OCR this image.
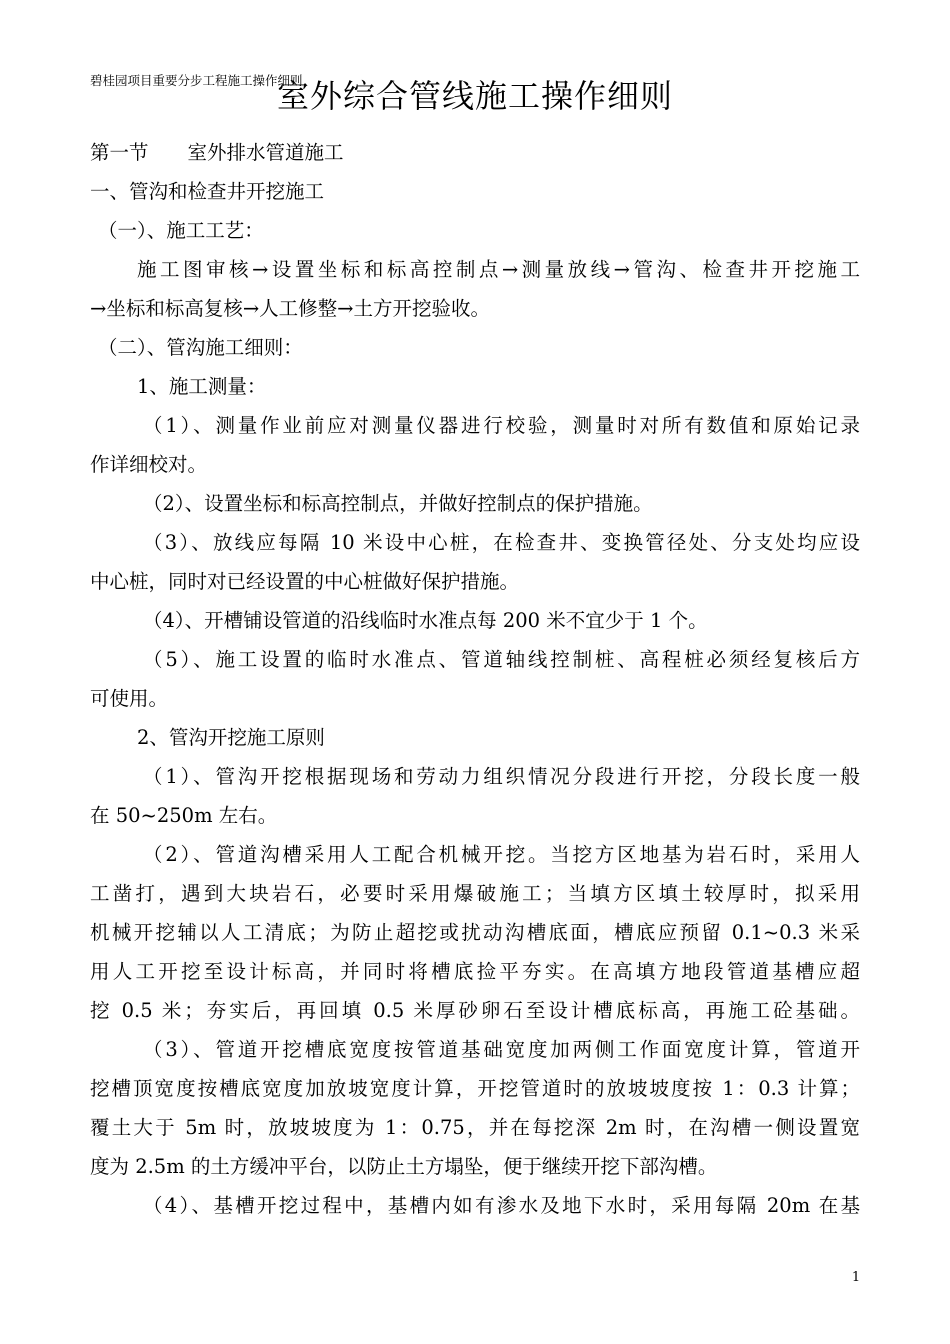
碧桂园项目重要分步工程施工操作细则
室外综合管线施工操作细则
第一节　　室外排水管道施工
一、管沟和检查井开挖施工
（一）、施工工艺：
施工图审核→设置坐标和标高控制点→测量放线→管沟、检查井开挖施工
→坐标和标高复核→人工修整→土方开挖验收。
（二）、管沟施工细则：
1、施工测量：
（1）、测量作业前应对测量仪器进行校验，测量时对所有数值和原始记录
作详细校对。
（2）、设置坐标和标高控制点，并做好控制点的保护措施。
（3）、放线应每隔 10 米设中心桩，在检查井、变换管径处、分支处均应设
中心桩，同时对已经设置的中心桩做好保护措施。
（4）、开槽铺设管道的沿线临时水准点每 200 米不宜少于 1 个。
（5）、施工设置的临时水准点、管道轴线控制桩、高程桩必须经复核后方
可使用。
2、管沟开挖施工原则
（1）、管沟开挖根据现场和劳动力组织情况分段进行开挖，分段长度一般
在 50~250m 左右。
（2）、管道沟槽采用人工配合机械开挖。当挖方区地基为岩石时，采用人
工凿打，遇到大块岩石，必要时采用爆破施工；当填方区填土较厚时，拟采用
机械开挖辅以人工清底；为防止超挖或扰动沟槽底面，槽底应预留 0.1~0.3 米采
用人工开挖至设计标高，并同时将槽底捡平夯实。在高填方地段管道基槽应超
挖 0.5 米；夯实后，再回填 0.5 米厚砂卵石至设计槽底标高，再施工砼基础。
（3）、管道开挖槽底宽度按管道基础宽度加两侧工作面宽度计算，管道开
挖槽顶宽度按槽底宽度加放坡宽度计算，开挖管道时的放坡坡度按 1：0.3 计算；
覆土大于 5m 时，放坡坡度为 1：0.75，并在每挖深 2m 时，在沟槽一侧设置宽
度为 2.5m 的土方缓冲平台，以防止土方塌坠，便于继续开挖下部沟槽。
（4）、基槽开挖过程中，基槽内如有渗水及地下水时，采用每隔 20m 在基
1
